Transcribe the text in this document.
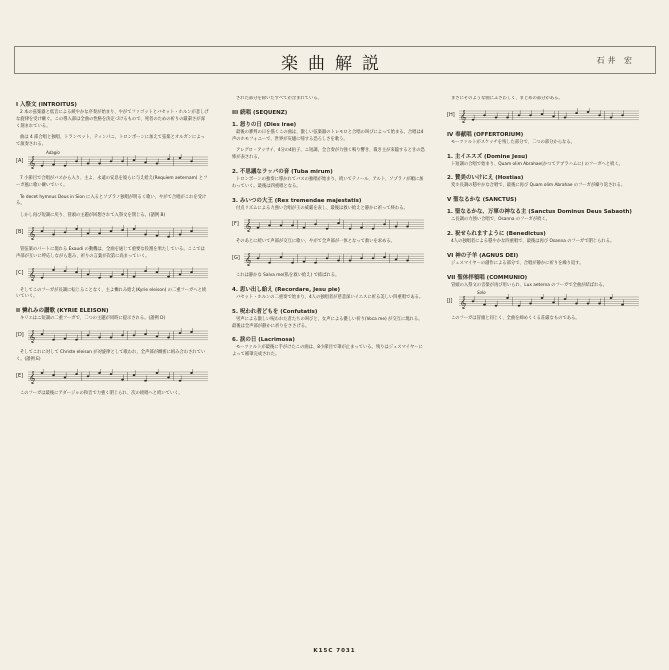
楽曲解説	石井 宏
I 入祭文 (INTROITUS)

2 本の弦楽器と低音による緩やかな序奏が始まり、やがてファゴットとバセット・ホルンが悲しげな旋律を受け継ぐ。この導入部は全曲の性格を決定づけるもので、死者のための祈りの厳粛さが深く刻まれている。

曲は 4 部合唱と独唱、トランペット、ティンパニ、トロンボーンに加えて弦楽とオルガンによって演奏される。

[A]
Adagio
𝄞

7 小節目で合唱がバスから入り、主よ、永遠の安息を彼らに与え給え(Requiem aeternam) とフーガ風に歌い継いでいく。

Te decet hymnus Deus in Sion に入るとソプラノ独唱が明るく歌い、やがて合唱がこれを受ける。

しかし再び短調に戻り、冒頭の主題が回想されて入祭文を閉じる。(譜例 B)

[B] 𝄞

管弦楽のパートに現れる Exaudi の動機は、全曲を通じて重要な役割を果たしている。ここでは声部が互いに呼応しながら進み、祈りの言葉が次第に高まっていく。

[C] 𝄞

そしてこのフーガが長調に転じることなく、主よ憐れみ給え(Kyrie eleison) の二重フーガへと続いていく。

II 憐れみの讃歌 (KYRIE ELEISON)

キリエはニ短調の二重フーガで、二つの主題が同時に提示される。(譜例 D)

[D] 𝄞

そしてこれに対して Christe eleison が対旋律として歌われ、全声部が緻密に組み合わされていく。(譜例 E)

[E] 𝄞

このフーガは最後にアダージョの和音で力強く閉じられ、次の続唱へと続いていく。

された部分を除いたすべてが含まれている。

III 続唱 (SEQUENZ)
1. 怒りの日 (Dies irae)

最後の審判の日を描くこの曲は、激しい弦楽器のトレモロと合唱の叫びによって始まる。合唱は4声のホモフォニーで、世界が灰燼に帰する恐ろしさを歌う。

アレグロ・アッサイ、4分の4拍子、ニ短調。全合奏が力強く鳴り響き、裁き主が来臨するときの恐怖が表される。

2. 不思議なラッパの音 (Tuba mirum)

トロンボーンの独奏に導かれてバスの独唱が始まり、続いてテノール、アルト、ソプラノが順に加わっていく。最後は四重唱となる。

3. みいつの大王 (Rex tremendae majestatis)

付点リズムによる力強い合唱が王の威厳を表し、最後は救い給えと静かに祈って終わる。

[F] 𝄞

そのあとに続いて声部が交互に歌い、やがて全声部が一体となって救いを求める。

[G] 𝄞

これは静かな Salva me(私を救い給え) で結ばれる。

4. 思い出し給え (Recordare, Jesu pie)

バセット・ホルンの二重奏で始まり、4人の独唱者が慈悲深いイエスに祈る美しい四重唱である。

5. 呪われ者どもを (Confutatis)

男声による激しい呪われた者たちの叫びと、女声による優しい祈り(Voca me) が交互に現れる。最後は全声部が静かに祈りをささげる。

6. 涙の日 (Lacrimosa)

モーツァルトが最後に手がけたこの曲は、8小節目で筆が止まっている。残りはジュスマイヤーによって補筆完成された。

まさにそのような曲にふさわしく、まとめの部分がある。

[H] 𝄞
IV 奉献唱 (OFFERTORIUM)

モーツァルトがスケッチを残した部分で、二つの部分からなる。

1. 主イエスズ (Domine Jesu)

ト短調の合唱で始まり、Quam olim Abrahae(かつてアブラハムに) のフーガへと続く。

2. 賛美のいけにえ (Hostias)

変ホ長調の穏やかな合唱で、最後に再び Quam olim Abrahae のフーガが繰り返される。

V 聖なるかな (SANCTUS)
1. 聖なるかな、万軍の神なる主 (Sanctus Dominus Deus Sabaoth)

ニ長調の力強い合唱で、Osanna のフーガが続く。

2. 祝せられますように (Benedictus)

4人の独唱者による穏やかな四重唱で、最後は再び Osanna のフーガで閉じられる。

VI 神の子羊 (AGNUS DEI)

ジュスマイヤーの創作による部分で、合唱が静かに祈りを繰り返す。

VII 聖体拝領唱 (COMMUNIO)

冒頭の入祭文の音楽が再び用いられ、Lux aeterna のフーガで全曲が結ばれる。

[J]
Solo
𝄞

このフーガは冒頭と同じく、全曲を締めくくる荘厳なものである。

K15C 7031
